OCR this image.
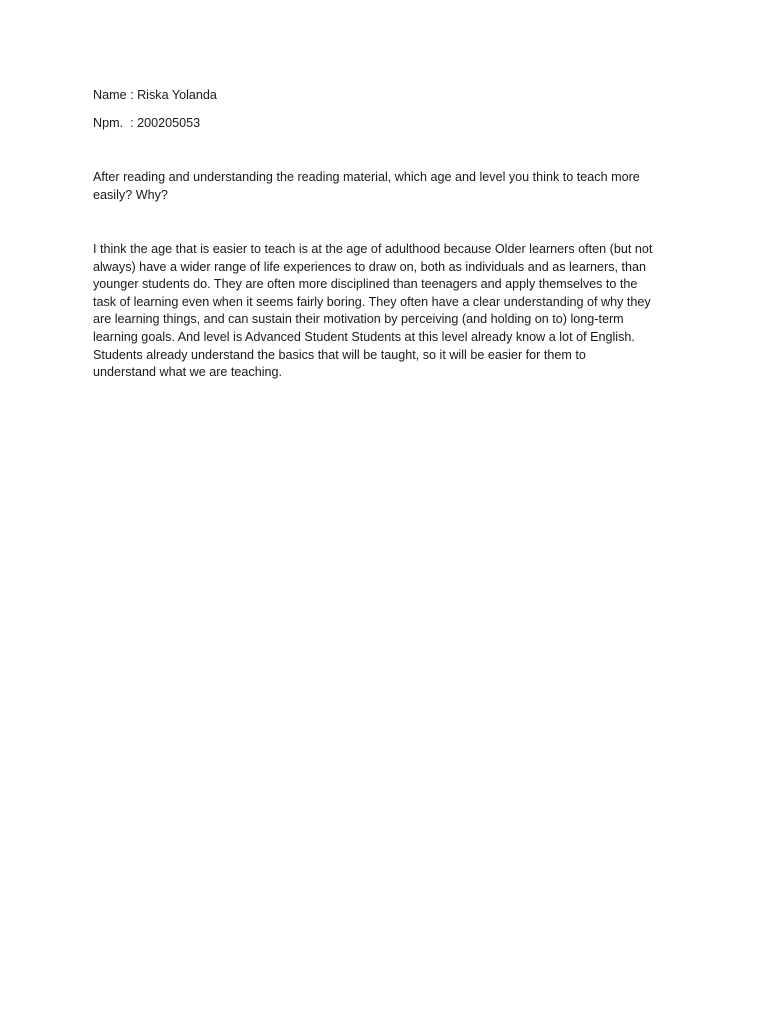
Name : Riska Yolanda

Npm.  : 200205053

After reading and understanding the reading material, which age and level you think to teach more
easily? Why?

I think the age that is easier to teach is at the age of adulthood because Older learners often (but not
always) have a wider range of life experiences to draw on, both as individuals and as learners, than
younger students do. They are often more disciplined than teenagers and apply themselves to the
task of learning even when it seems fairly boring. They often have a clear understanding of why they
are learning things, and can sustain their motivation by perceiving (and holding on to) long-term
learning goals. And level is Advanced Student Students at this level already know a lot of English.
Students already understand the basics that will be taught, so it will be easier for them to
understand what we are teaching.
